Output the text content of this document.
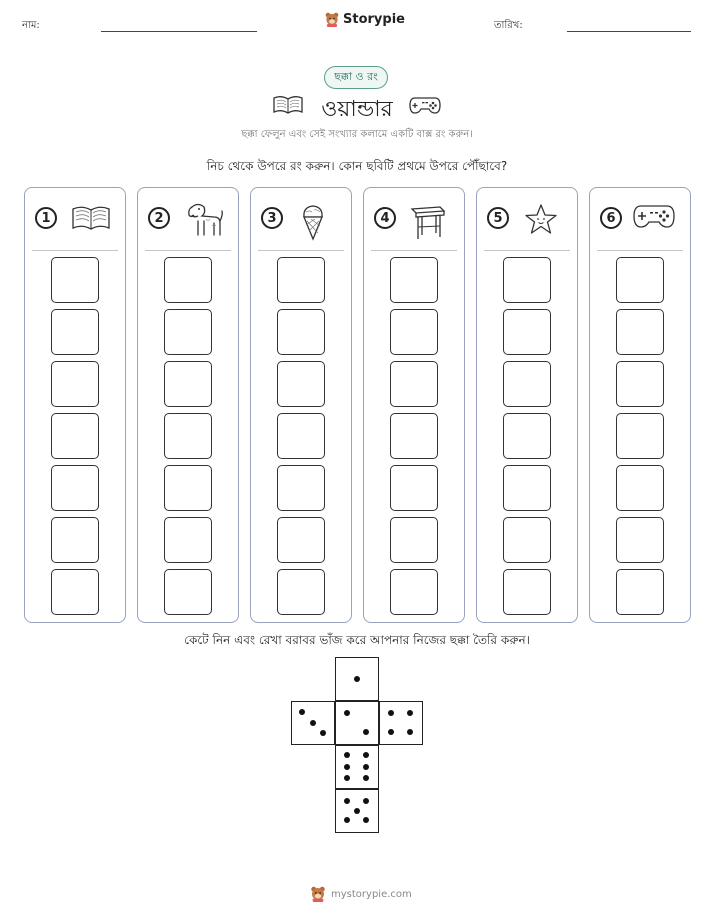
নাম:	Storypie	তারিখ:
ছক্কা ও রং
ওয়ান্ডার
ছক্কা ফেলুন এবং সেই সংখ্যার কলামে একটি বাক্স রং করুন।
নিচ থেকে উপরে রং করুন। কোন ছবিটি প্রথমে উপরে পৌঁছাবে?
1	2	3	4	5	6
কেটে নিন এবং রেখা বরাবর ভাঁজ করে আপনার নিজের ছক্কা তৈরি করুন।
mystorypie.com
